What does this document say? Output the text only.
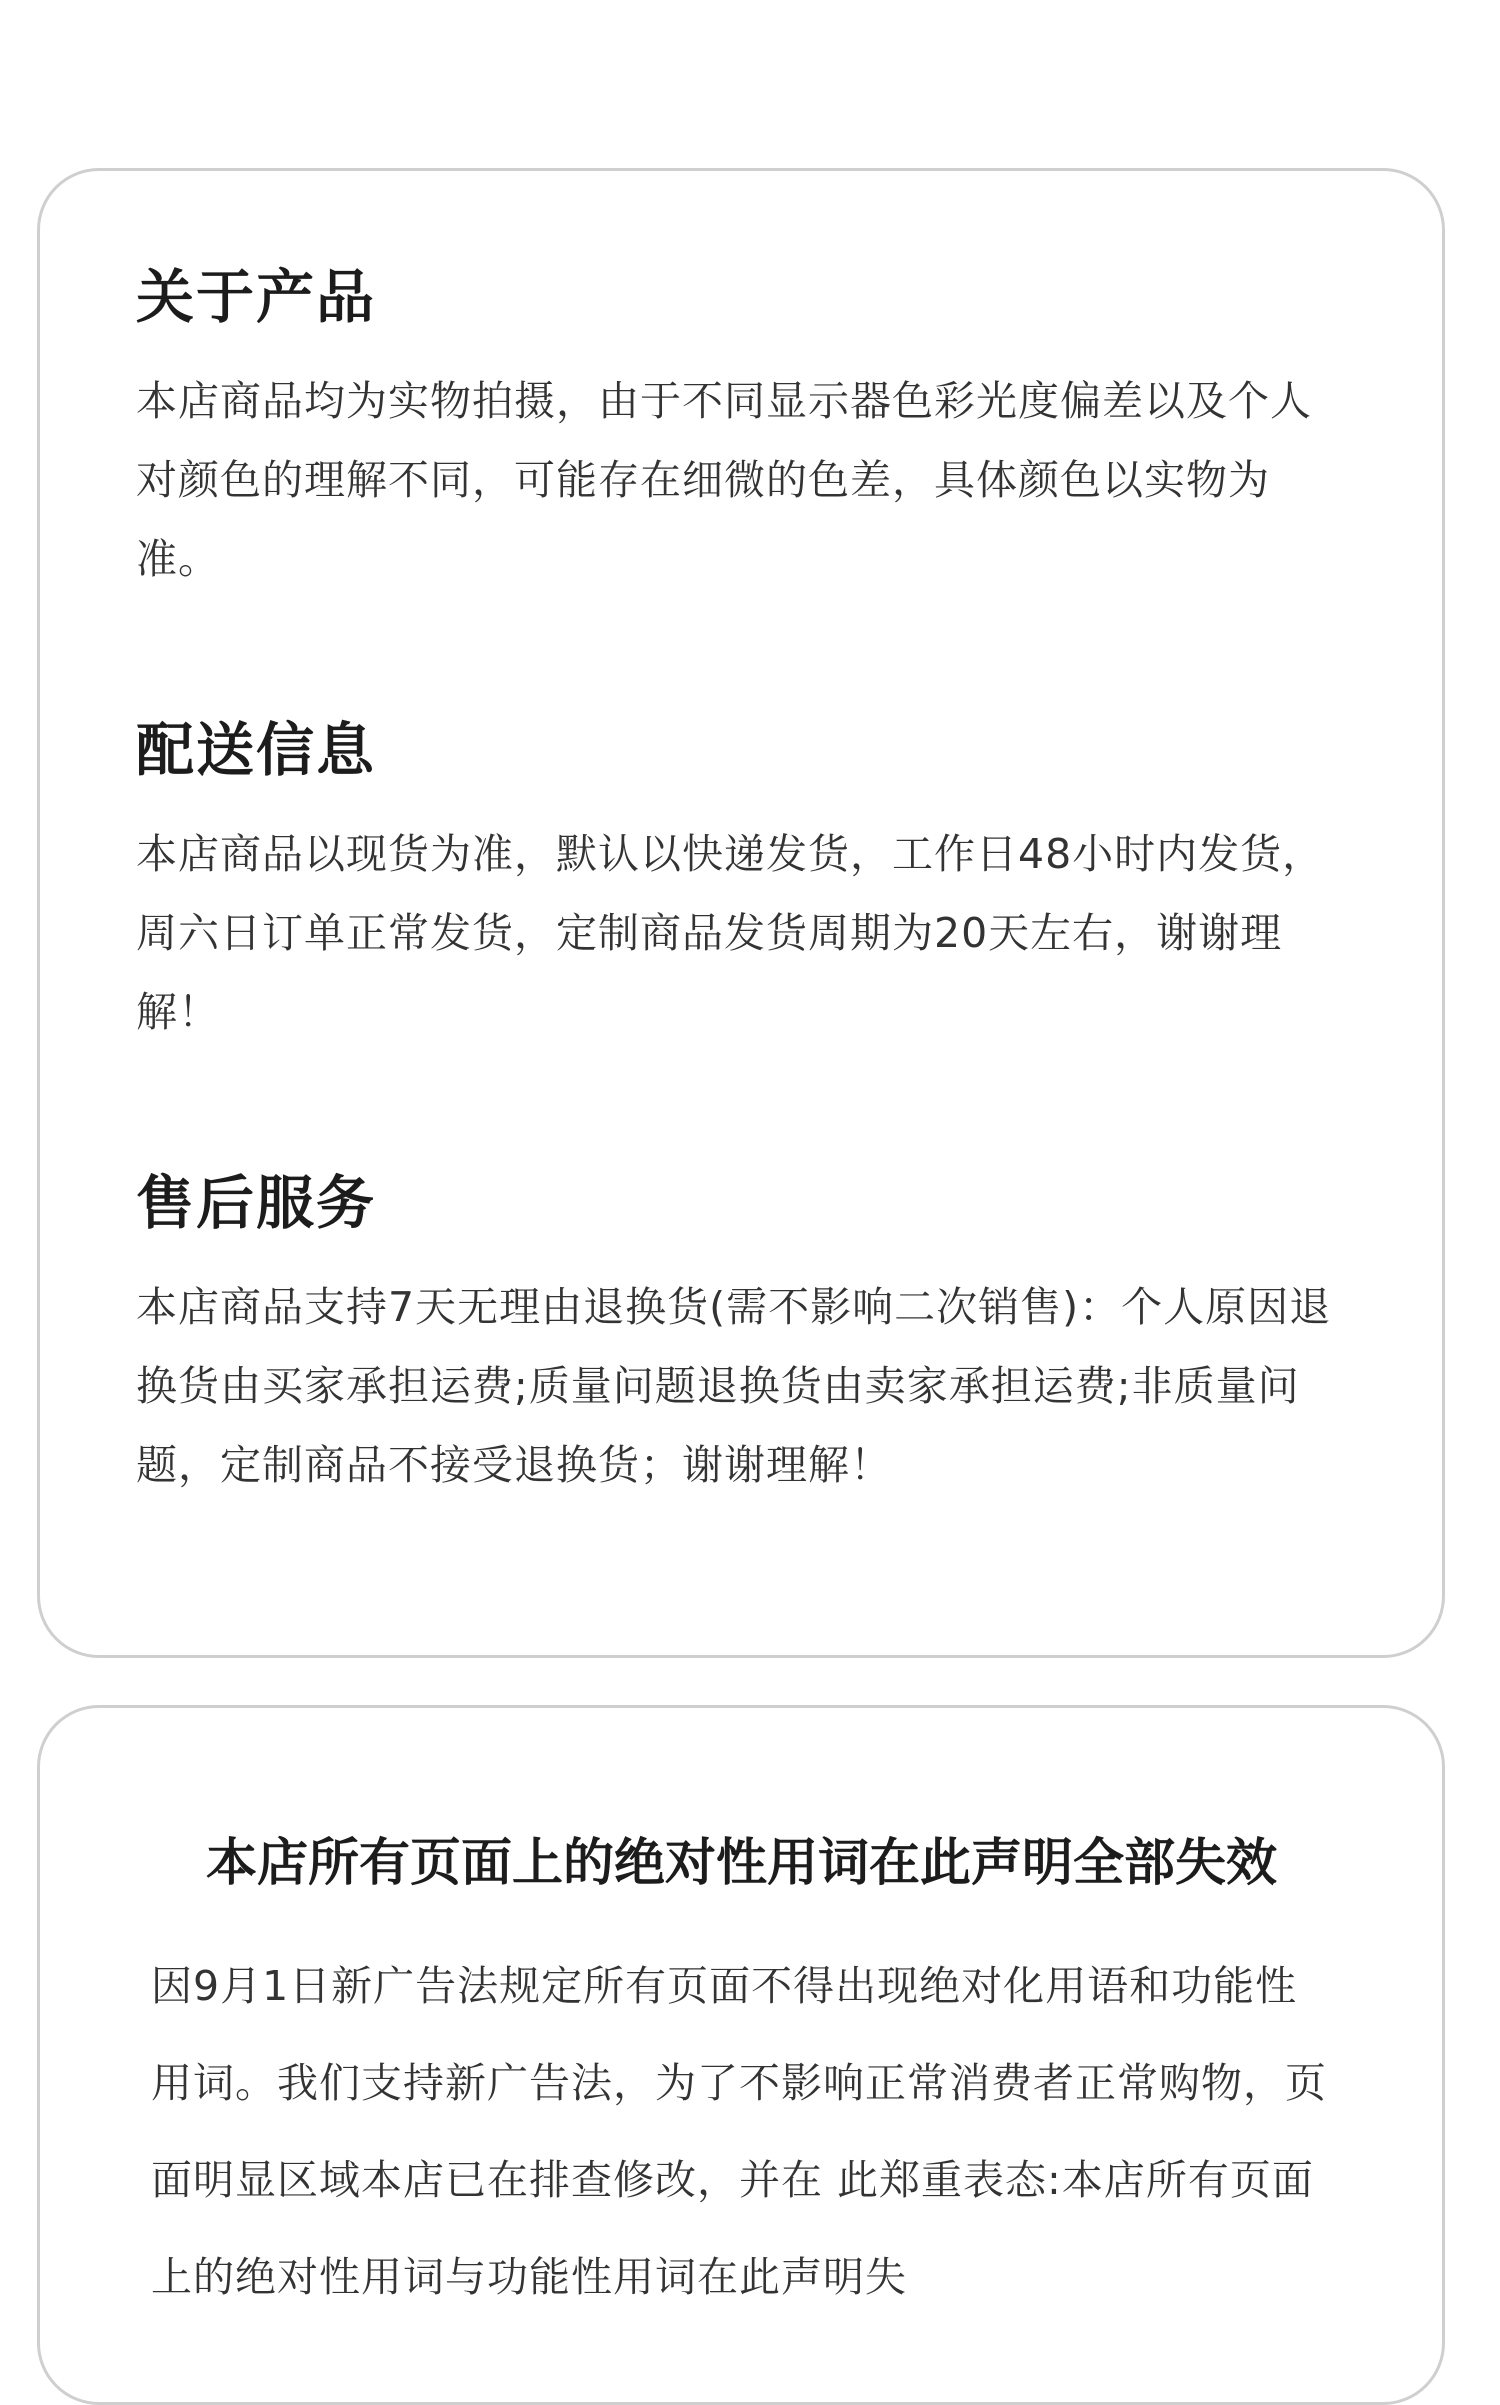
关于产品

本店商品均为实物拍摄，由于不同显示器色彩光度偏差以及个人对颜色的理解不同，可能存在细微的色差，具体颜色以实物为准。

配送信息

本店商品以现货为准，默认以快递发货，工作日48小时内发货，周六日订单正常发货，定制商品发货周期为20天左右，谢谢理解！

售后服务

本店商品支持7天无理由退换货(需不影响二次销售)：个人原因退换货由买家承担运费;质量问题退换货由卖家承担运费;非质量问题，定制商品不接受退换货；谢谢理解！

本店所有页面上的绝对性用词在此声明全部失效

因9月1日新广告法规定所有页面不得出现绝对化用语和功能性用词。我们支持新广告法，为了不影响正常消费者正常购物，页面明显区域本店已在排查修改，并在 此郑重表态:本店所有页面上的绝对性用词与功能性用词在此声明失
